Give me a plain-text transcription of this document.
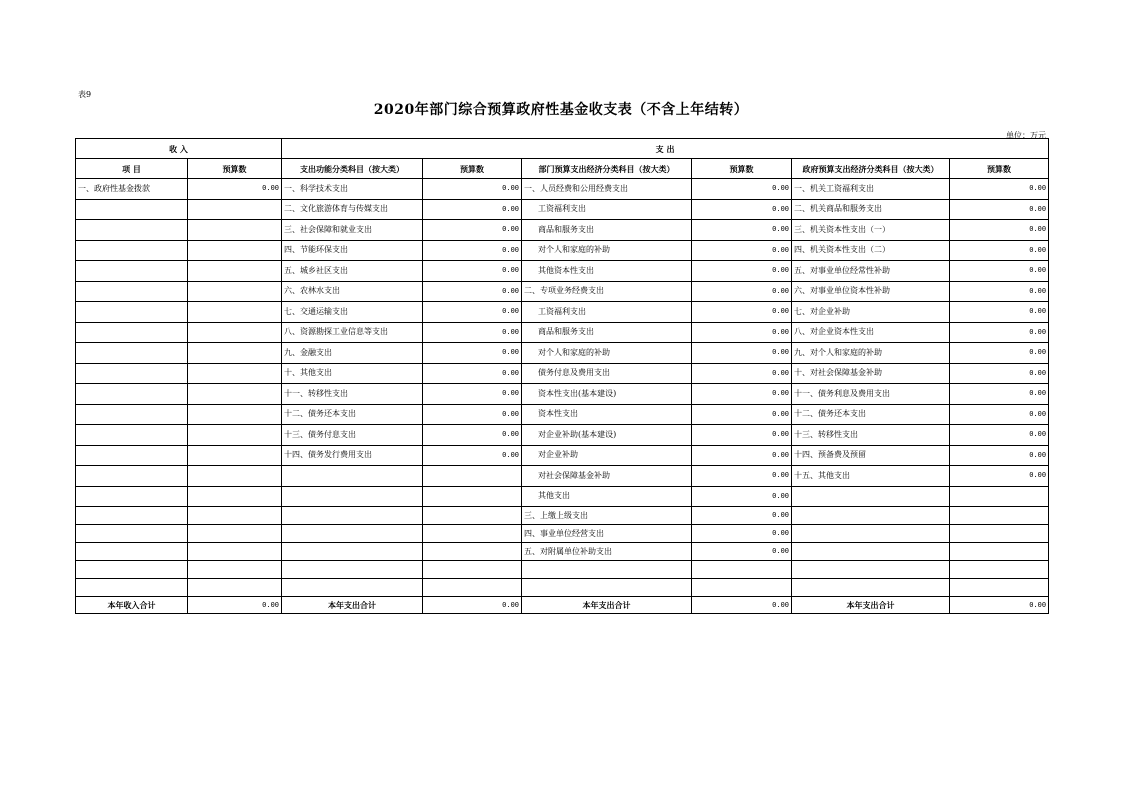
表9
2020年部门综合预算政府性基金收支表（不含上年结转）
单位：万元
收 入		支 出					
项 目	预算数	支出功能分类科目（按大类）	预算数	部门预算支出经济分类科目（按大类）	预算数	政府预算支出经济分类科目（按大类）	预算数
一、政府性基金拨款	0.00	一、科学技术支出	0.00	一、人员经费和公用经费支出	0.00	一、机关工资福利支出	0.00
		二、文化旅游体育与传媒支出	0.00	工资福利支出	0.00	二、机关商品和服务支出	0.00
		三、社会保障和就业支出	0.00	商品和服务支出	0.00	三、机关资本性支出（一）	0.00
		四、节能环保支出	0.00	对个人和家庭的补助	0.00	四、机关资本性支出（二）	0.00
		五、城乡社区支出	0.00	其他资本性支出	0.00	五、对事业单位经常性补助	0.00
		六、农林水支出	0.00	二、专项业务经费支出	0.00	六、对事业单位资本性补助	0.00
		七、交通运输支出	0.00	工资福利支出	0.00	七、对企业补助	0.00
		八、资源勘探工业信息等支出	0.00	商品和服务支出	0.00	八、对企业资本性支出	0.00
		九、金融支出	0.00	对个人和家庭的补助	0.00	九、对个人和家庭的补助	0.00
		十、其他支出	0.00	债务付息及费用支出	0.00	十、对社会保障基金补助	0.00
		十一、转移性支出	0.00	资本性支出(基本建设)	0.00	十一、债务利息及费用支出	0.00
		十二、债务还本支出	0.00	资本性支出	0.00	十二、债务还本支出	0.00
		十三、债务付息支出	0.00	对企业补助(基本建设)	0.00	十三、转移性支出	0.00
		十四、债务发行费用支出	0.00	对企业补助	0.00	十四、预备费及预留	0.00
				对社会保障基金补助	0.00	十五、其他支出	0.00
				其他支出	0.00		
				三、上缴上级支出	0.00		
				四、事业单位经营支出	0.00		
				五、对附属单位补助支出	0.00		

本年收入合计	0.00	本年支出合计	0.00	本年支出合计	0.00	本年支出合计	0.00
